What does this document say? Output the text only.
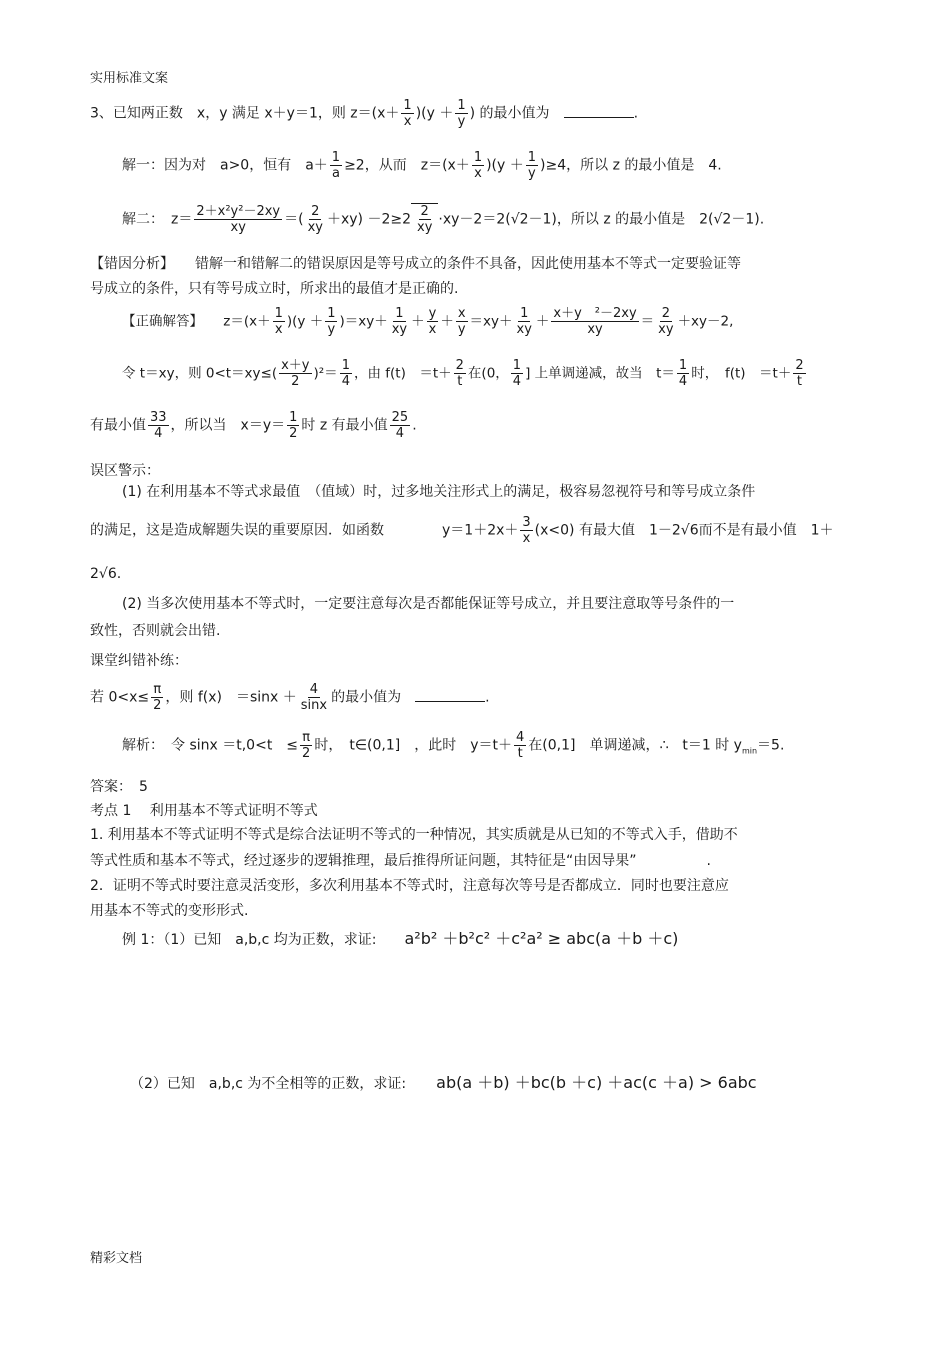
实用标准文案
3、已知两正数　x，y 满足 x＋y＝1，则 $z=(x+ \frac{1}{x} )(y + \frac{1}{y}$ ) 的最小值为　	.
解一：因为对　a>0，恒有　$a+ \frac{1}{a} \ge 2$，从而　$z=(x+ \frac{1}{x} )(y + \frac{1}{y} )\ge 4$，所以 z 的最小值是　4.
解二：　$z= \frac{\text{2＋x²y²－2xy}}{xy}$ ＝( $\frac{2}{xy} +xy) -2\ge 2 \frac{2}{xy} \cdot xy-2=2(√2-1)$，所以 z 的最小值是　2(√2－1).
【错因分析】　　错解一和错解二的错误原因是等号成立的条件不具备，因此使用基本不等式一定要验证等
号成立的条件，只有等号成立时，所求出的最值才是正确的.
【正确解答】　　$z=(x+ \frac{1}{x} )(y + \frac{1}{y} )=xy+ \frac{1}{xy} + \frac{y}{x} + \frac{x}{y} =xy+ \frac{1}{xy} + \frac{\text{x＋y　²－2xy}}{xy} = \frac{2}{xy} +xy-2$,
令 t＝xy，则 $0<t=xy\le( \frac{x+y}{2} )^2= \frac{1}{4}$ ，由 f(t)　$=t+ \frac{2}{t}$ 在(0， $\frac{1}{4}$ ] 上单调递减，故当　$t= \frac{1}{4}$ 时，　f(t)　$=t+ \frac{2}{t}$
有最小值 $\frac{33}{4}$ ，所以当　$x=y= \frac{1}{2}$ 时 z 有最小值 $\frac{25}{4}$ .
误区警示：
(1) 在利用基本不等式求最值　（值域）时，过多地关注形式上的满足，极容易忽视符号和等号成立条件
的满足，这是造成解题失误的重要原因．如函数	$y=1+2x+ \frac{3}{x} (x<0)$ 有最大值　1－2√6而不是有最小值　1＋
2√6.
(2) 当多次使用基本不等式时，一定要注意每次是否都能保证等号成立，并且要注意取等号条件的一
致性，否则就会出错.
课堂纠错补练：
若 $0<x\le \frac{\pi}{2}$ ，则 f(x)　$=\sin x + \frac{4}{\sin x}$ 的最小值为　	.
解析：　令 sinx ＝t,0<t　≤ $\frac{\pi}{2}$ 时，　t∈(0,1]　，此时　$y=t+ \frac{4}{t}$ 在(0,1]　单调递减，∴　t＝1 时 $y_{min}=5$.
答案：　5
考点 1　 利用基本不等式证明不等式
1. 利用基本不等式证明不等式是综合法证明不等式的一种情况，其实质就是从已知的不等式入手，借助不
等式性质和基本不等式，经过逐步的逻辑推理，最后推得所证问题，其特征是“由因导果”	.
2．证明不等式时要注意灵活变形，多次利用基本不等式时，注意每次等号是否都成立．同时也要注意应
用基本不等式的变形形式.
例 1：（1）已知　a,b,c 均为正数，求证: a²b² ＋b²c² ＋c²a² ≥ abc(a ＋b ＋c)
（2）已知　a,b,c 为不全相等的正数，求证: ab(a ＋b) ＋bc(b ＋c) ＋ac(c ＋a) > 6abc
精彩文档
